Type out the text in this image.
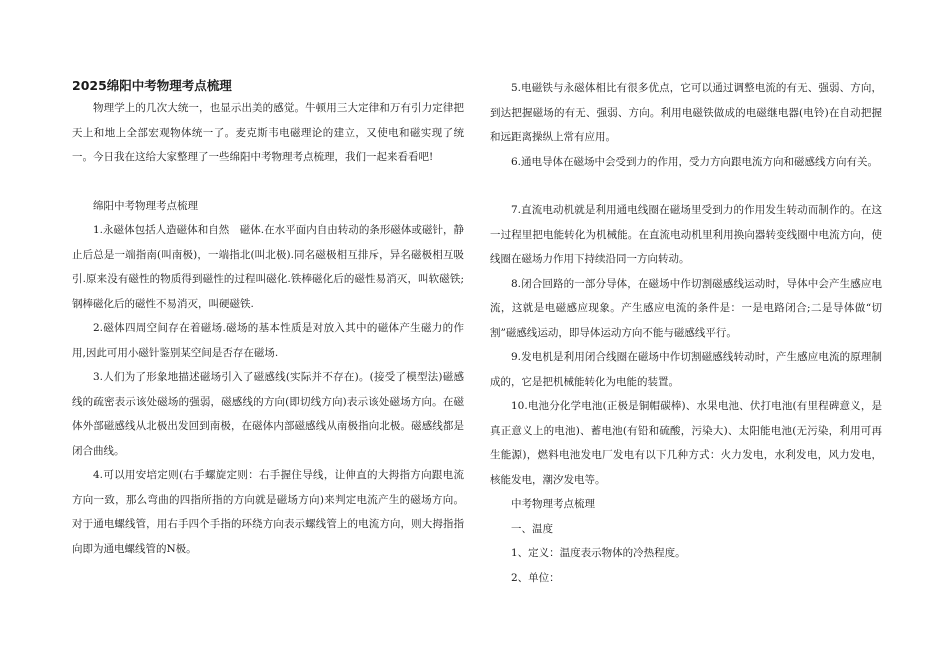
2025绵阳中考物理考点梳理

物理学上的几次大统一，也显示出美的感觉。牛顿用三大定律和万有引力定律把天上和地上全部宏观物体统一了。麦克斯韦电磁理论的建立，又使电和磁实现了统一。今日我在这给大家整理了一些绵阳中考物理考点梳理，我们一起来看看吧!

绵阳中考物理考点梳理

1.永磁体包括人造磁体和自然　磁体.在水平面内自由转动的条形磁体或磁针，静止后总是一端指南(叫南极)，一端指北(叫北极).同名磁极相互排斥，异名磁极相互吸引.原来没有磁性的物质得到磁性的过程叫磁化.铁棒磁化后的磁性易消灭，叫软磁铁;钢棒磁化后的磁性不易消灭，叫硬磁铁.

2.磁体四周空间存在着磁场.磁场的基本性质是对放入其中的磁体产生磁力的作用,因此可用小磁针鉴别某空间是否存在磁场.

3.人们为了形象地描述磁场引入了磁感线(实际并不存在)。(接受了模型法)磁感线的疏密表示该处磁场的强弱，磁感线的方向(即切线方向)表示该处磁场方向。在磁体外部磁感线从北极出发回到南极，在磁体内部磁感线从南极指向北极。磁感线都是闭合曲线。

4.可以用安培定则(右手螺旋定则：右手握住导线，让伸直的大拇指方向跟电流方向一致，那么弯曲的四指所指的方向就是磁场方向)来判定电流产生的磁场方向。对于通电螺线管，用右手四个手指的环绕方向表示螺线管上的电流方向，则大拇指指向即为通电螺线管的N极。

5.电磁铁与永磁体相比有很多优点，它可以通过调整电流的有无、强弱、方向，到达把握磁场的有无、强弱、方向。利用电磁铁做成的电磁继电器(电铃)在自动把握和远距离操纵上常有应用。

6.通电导体在磁场中会受到力的作用，受力方向跟电流方向和磁感线方向有关。

7.直流电动机就是利用通电线圈在磁场里受到力的作用发生转动而制作的。在这一过程里把电能转化为机械能。在直流电动机里利用换向器转变线圈中电流方向，使线圈在磁场力作用下持续沿同一方向转动。

8.闭合回路的一部分导体，在磁场中作切割磁感线运动时，导体中会产生感应电流，这就是电磁感应现象。产生感应电流的条件是：一是电路闭合;二是导体做“切割”磁感线运动，即导体运动方向不能与磁感线平行。

9.发电机是利用闭合线圈在磁场中作切割磁感线转动时，产生感应电流的原理制成的，它是把机械能转化为电能的装置。

10.电池分化学电池(正极是铜帽碳棒)、水果电池、伏打电池(有里程碑意义，是真正意义上的电池)、蓄电池(有铅和硫酸，污染大)、太阳能电池(无污染，利用可再生能源)，燃料电池发电厂发电有以下几种方式：火力发电，水利发电，风力发电，核能发电，潮汐发电等。

中考物理考点梳理

一、温度

1、定义：温度表示物体的冷热程度。

2、单位：
